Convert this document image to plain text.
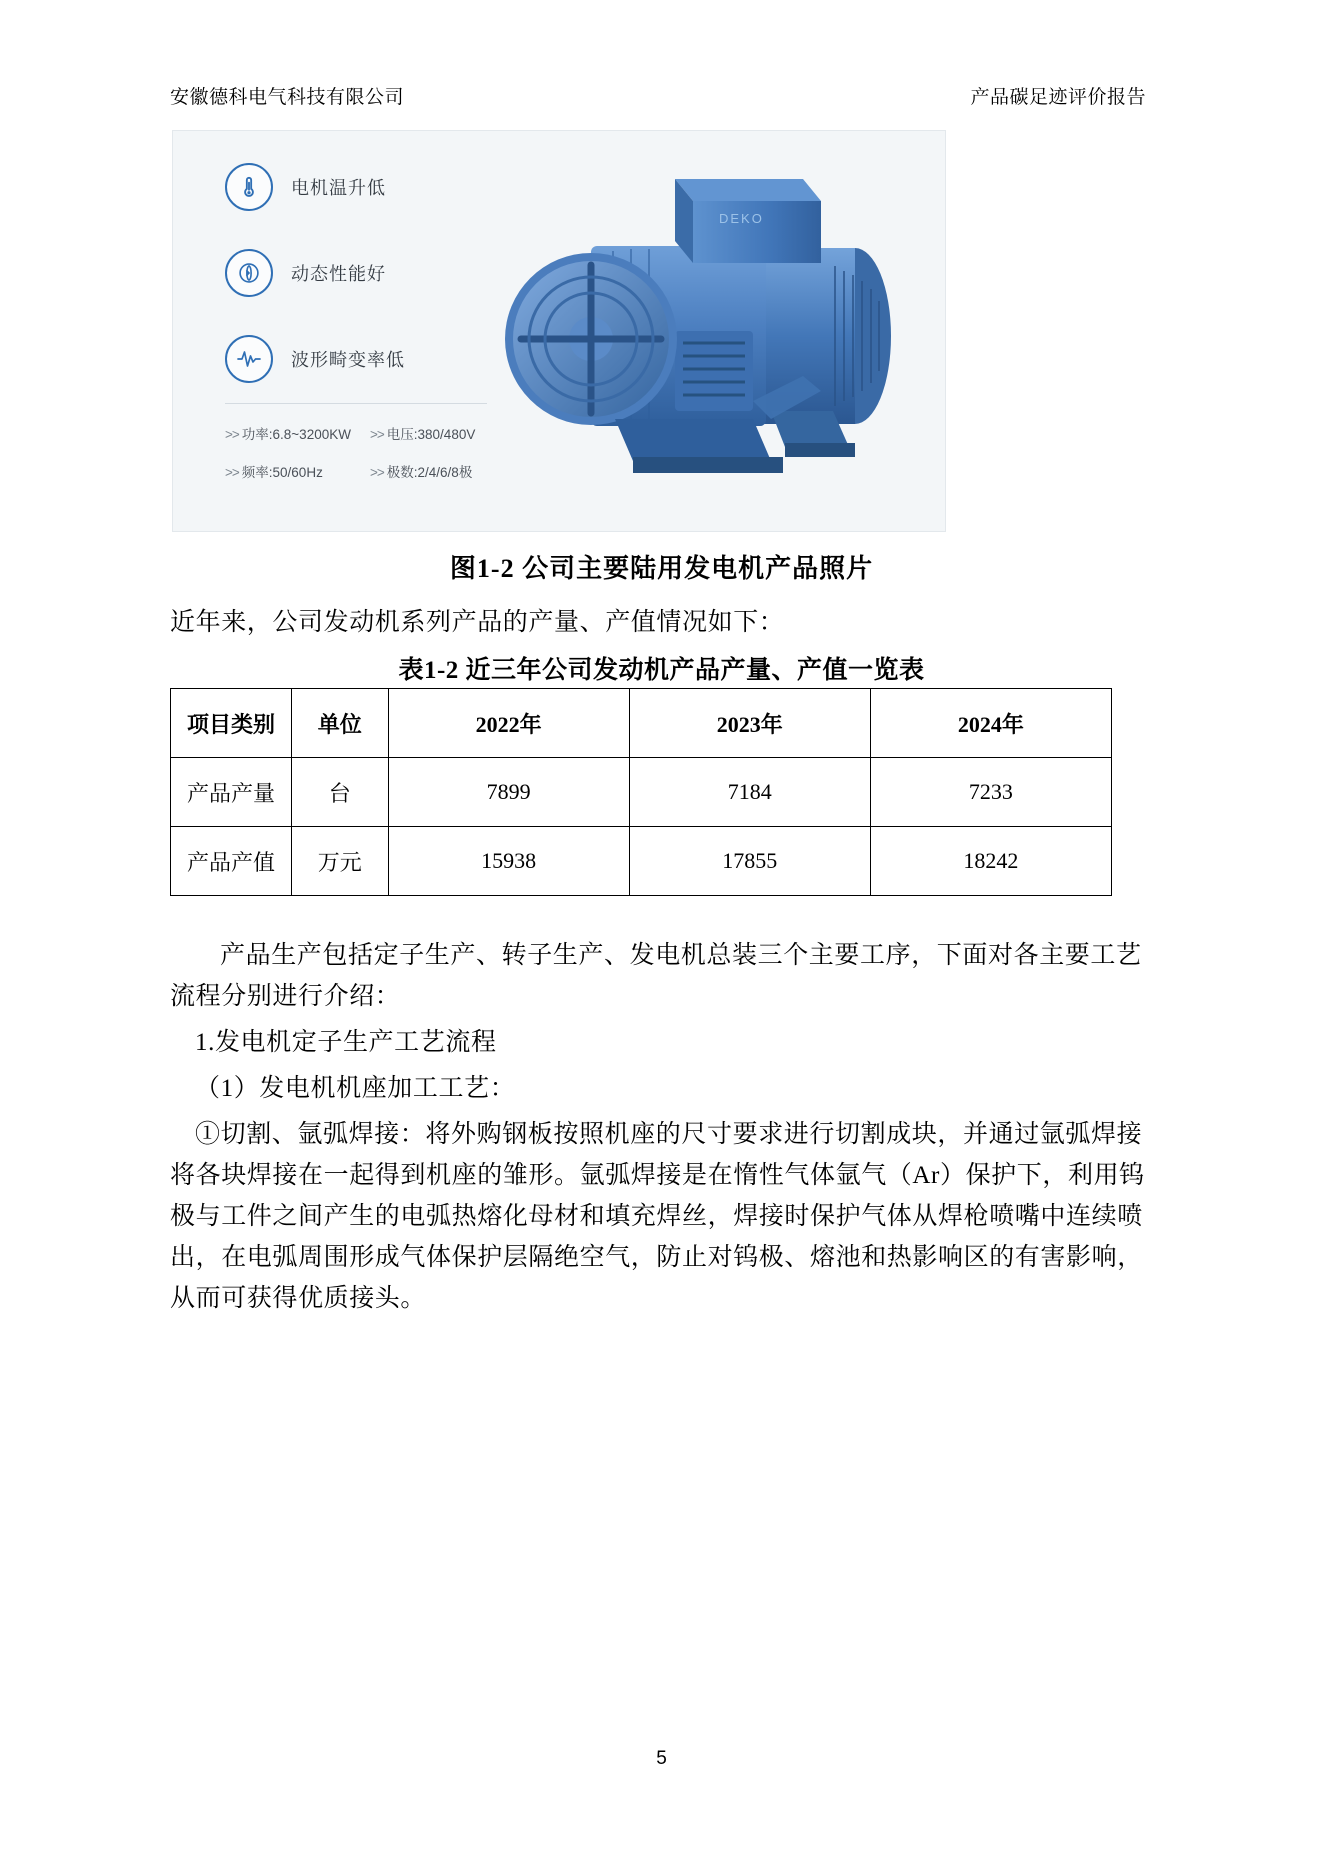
安徽德科电气科技有限公司	产品碳足迹评价报告
电机温升低
动态性能好
波形畸变率低
>> 功率:6.8~3200KW	>> 电压:380/480V
>> 频率:50/60Hz	>> 极数:2/4/6/8极
DEKO
图1-2 公司主要陆用发电机产品照片
近年来，公司发动机系列产品的产量、产值情况如下：
表1-2 近三年公司发动机产品产量、产值一览表
项目类别	单位	2022年	2023年	2024年
产品产量	台	7899	7184	7233
产品产值	万元	15938	17855	18242
产品生产包括定子生产、转子生产、发电机总装三个主要工序，下面对各主要工艺流程分别进行介绍：
1.发电机定子生产工艺流程
（1）发电机机座加工工艺：
①切割、氩弧焊接：将外购钢板按照机座的尺寸要求进行切割成块，并通过氩弧焊接将各块焊接在一起得到机座的雏形。氩弧焊接是在惰性气体氩气（Ar）保护下，利用钨极与工件之间产生的电弧热熔化母材和填充焊丝，焊接时保护气体从焊枪喷嘴中连续喷出，在电弧周围形成气体保护层隔绝空气，防止对钨极、熔池和热影响区的有害影响，从而可获得优质接头。
5
